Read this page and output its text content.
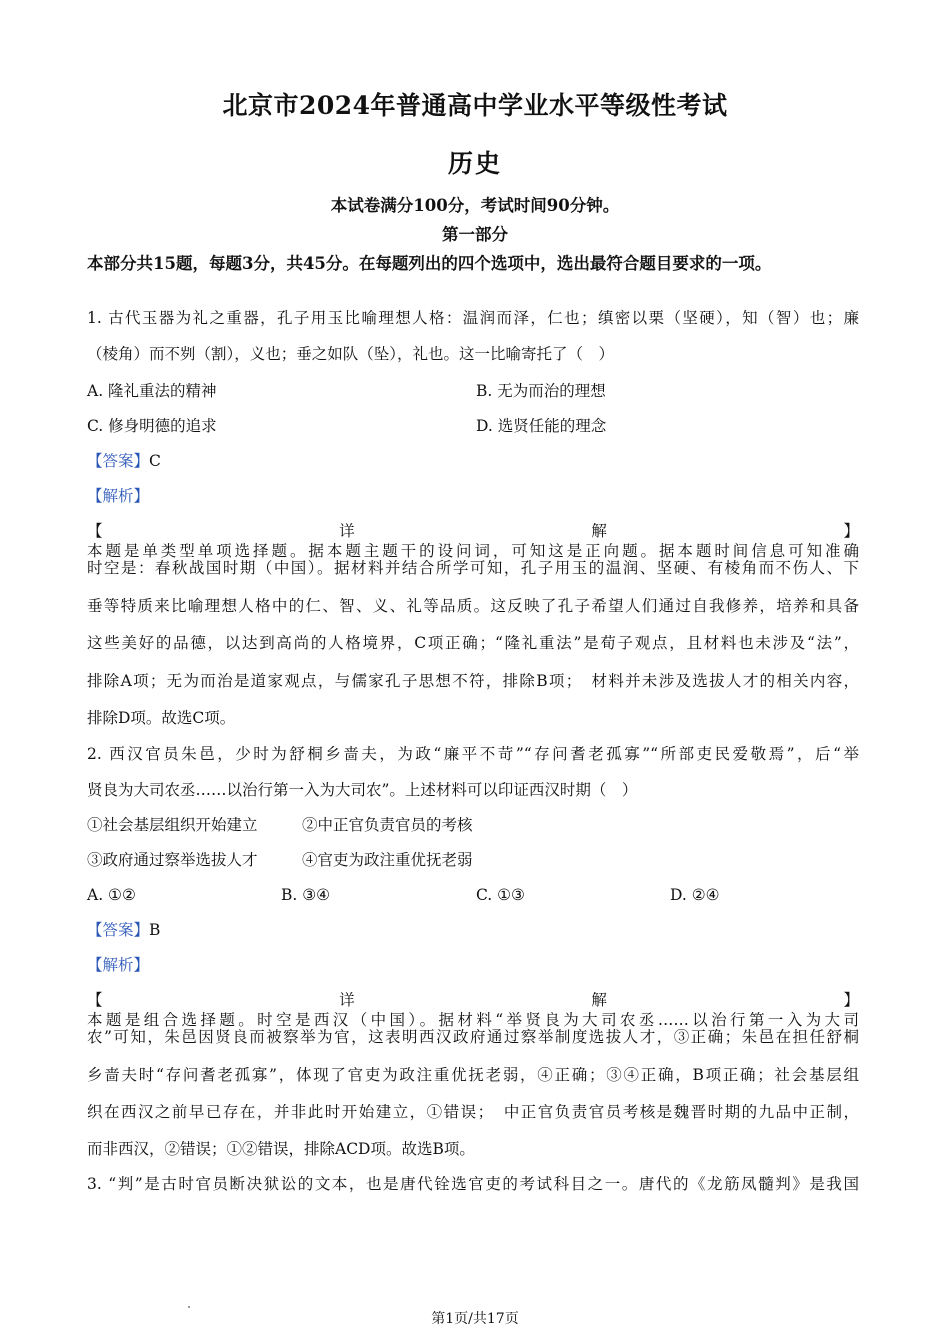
北京市2024年普通高中学业水平等级性考试
历史
本试卷满分100分，考试时间90分钟。
第一部分
本部分共15题，每题3分，共45分。在每题列出的四个选项中，选出最符合题目要求的一项。
1. 古代玉器为礼之重器，孔子用玉比喻理想人格：温润而泽，仁也；缜密以栗（坚硬），知（智）也；廉
（棱角）而不刿（割），义也；垂之如队（坠），礼也。这一比喻寄托了（　）
A. 隆礼重法的精神	B. 无为而治的理想
C. 修身明德的追求	D. 选贤任能的理念
【答案】C
【解析】
【详解】
本题是单类型单项选择题。据本题主题干的设问词，可知这是正向题。据本题时间信息可知准确
时空是：春秋战国时期（中国）。据材料并结合所学可知，孔子用玉的温润、坚硬、有棱角而不伤人、下
垂等特质来比喻理想人格中的仁、智、义、礼等品质。这反映了孔子希望人们通过自我修养，培养和具备
这些美好的品德，以达到高尚的人格境界，C项正确；“隆礼重法”是荀子观点，且材料也未涉及“法”，
排除A项；无为而治是道家观点，与儒家孔子思想不符，排除B项；　材料并未涉及选拔人才的相关内容，
排除D项。故选C项。
2. 西汉官员朱邑，少时为舒桐乡啬夫，为政“廉平不苛”“存问耆老孤寡”“所部吏民爱敬焉”，后“举
贤良为大司农丞……以治行第一入为大司农”。上述材料可以印证西汉时期（　）
①社会基层组织开始建立	②中正官负责官员的考核
③政府通过察举选拔人才	④官吏为政注重优抚老弱
A. ①②	B. ③④	C. ①③	D. ②④
【答案】B
【解析】
【详解】
本题是组合选择题。时空是西汉（中国）。据材料“举贤良为大司农丞……以治行第一入为大司
农”可知，朱邑因贤良而被察举为官，这表明西汉政府通过察举制度选拔人才，③正确；朱邑在担任舒桐
乡啬夫时“存问耆老孤寡”，体现了官吏为政注重优抚老弱，④正确；③④正确，B项正确；社会基层组
织在西汉之前早已存在，并非此时开始建立，①错误；　中正官负责官员考核是魏晋时期的九品中正制，
而非西汉，②错误；①②错误，排除ACD项。故选B项。
3. “判”是古时官员断决狱讼的文本，也是唐代铨选官吏的考试科目之一。唐代的《龙筋凤髓判》是我国
第1页/共17页
